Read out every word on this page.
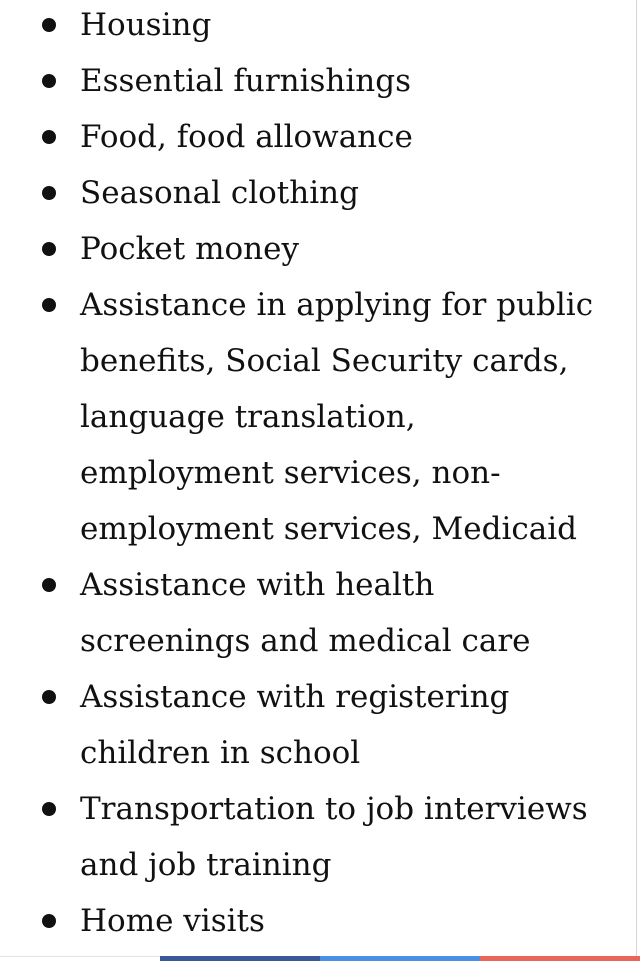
Housing
Essential furnishings
Food, food allowance
Seasonal clothing
Pocket money
Assistance in applying for public
benefits, Social Security cards,
language translation,
employment services, non-
employment services, Medicaid
Assistance with health
screenings and medical care
Assistance with registering
children in school
Transportation to job interviews
and job training
Home visits
